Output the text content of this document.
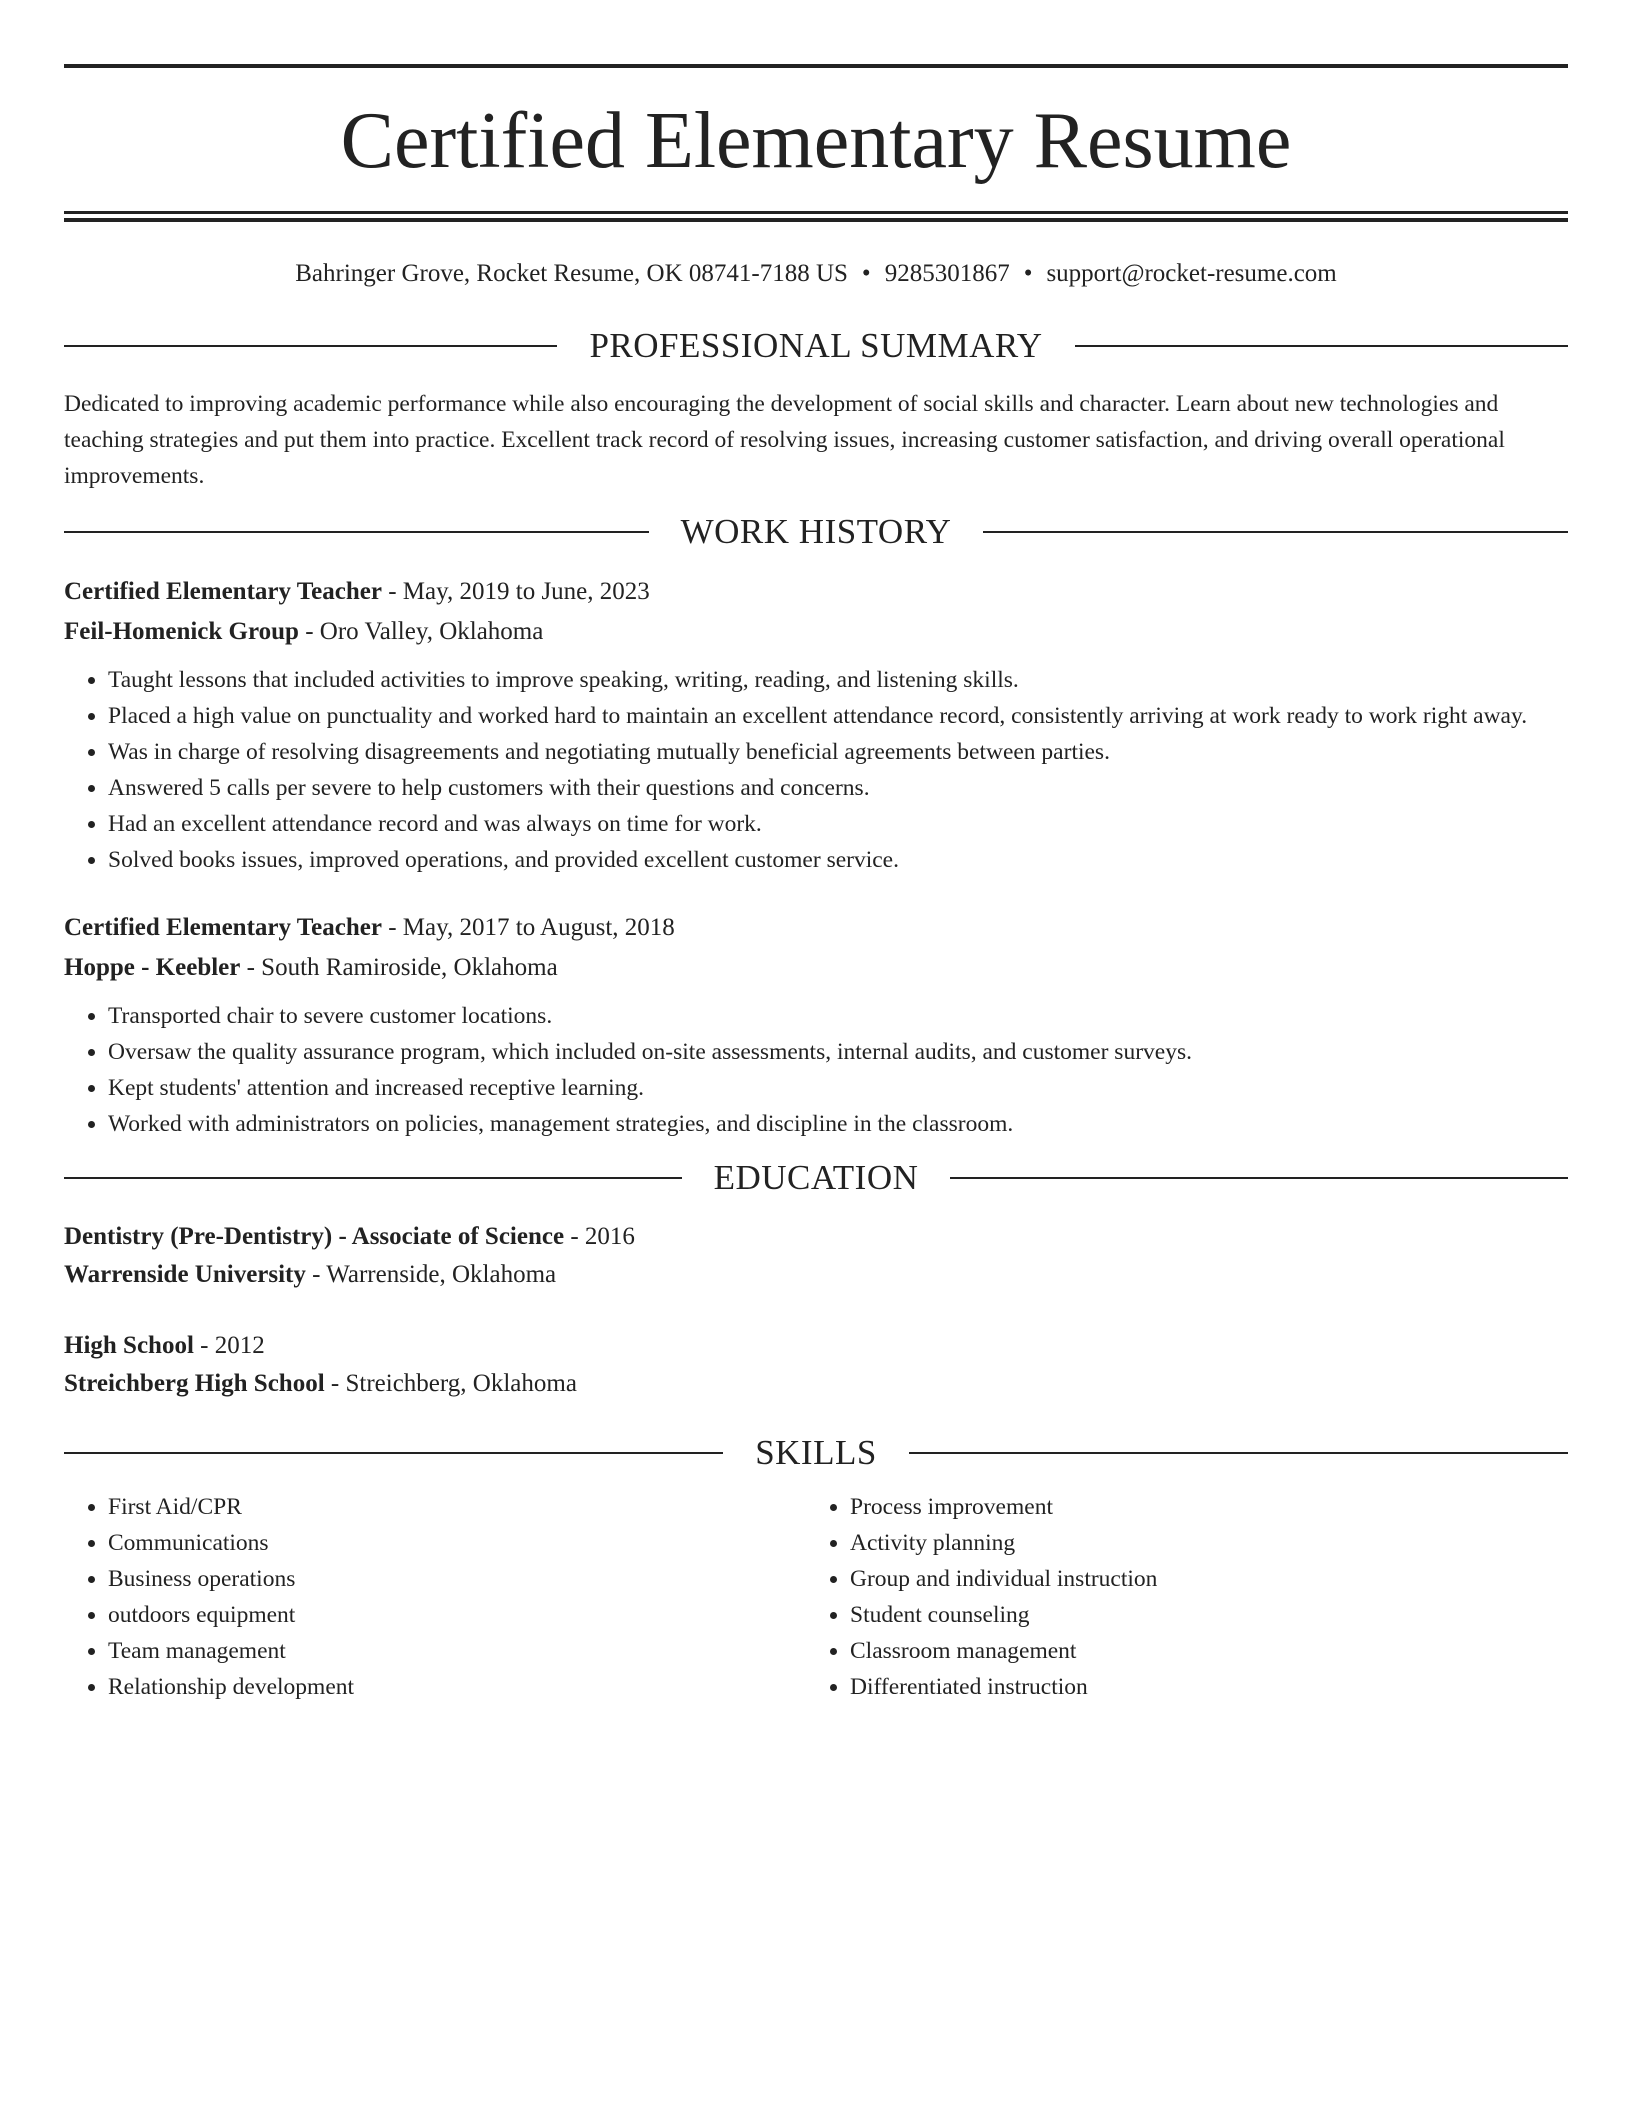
Certified Elementary Resume
Bahringer Grove, Rocket Resume, OK 08741-7188 US • 9285301867 • support@rocket-resume.com
PROFESSIONAL SUMMARY
Dedicated to improving academic performance while also encouraging the development of social skills and character. Learn about new technologies and teaching strategies and put them into practice. Excellent track record of resolving issues, increasing customer satisfaction, and driving overall operational improvements.
WORK HISTORY
Certified Elementary Teacher - May, 2019 to June, 2023
Feil-Homenick Group - Oro Valley, Oklahoma
• Taught lessons that included activities to improve speaking, writing, reading, and listening skills.
• Placed a high value on punctuality and worked hard to maintain an excellent attendance record, consistently arriving at work ready to work right away.
• Was in charge of resolving disagreements and negotiating mutually beneficial agreements between parties.
• Answered 5 calls per severe to help customers with their questions and concerns.
• Had an excellent attendance record and was always on time for work.
• Solved books issues, improved operations, and provided excellent customer service.
Certified Elementary Teacher - May, 2017 to August, 2018
Hoppe - Keebler - South Ramiroside, Oklahoma
• Transported chair to severe customer locations.
• Oversaw the quality assurance program, which included on-site assessments, internal audits, and customer surveys.
• Kept students' attention and increased receptive learning.
• Worked with administrators on policies, management strategies, and discipline in the classroom.
EDUCATION
Dentistry (Pre-Dentistry) - Associate of Science - 2016
Warrenside University - Warrenside, Oklahoma
High School - 2012
Streichberg High School - Streichberg, Oklahoma
SKILLS
• First Aid/CPR
• Communications
• Business operations
• outdoors equipment
• Team management
• Relationship development
• Process improvement
• Activity planning
• Group and individual instruction
• Student counseling
• Classroom management
• Differentiated instruction
